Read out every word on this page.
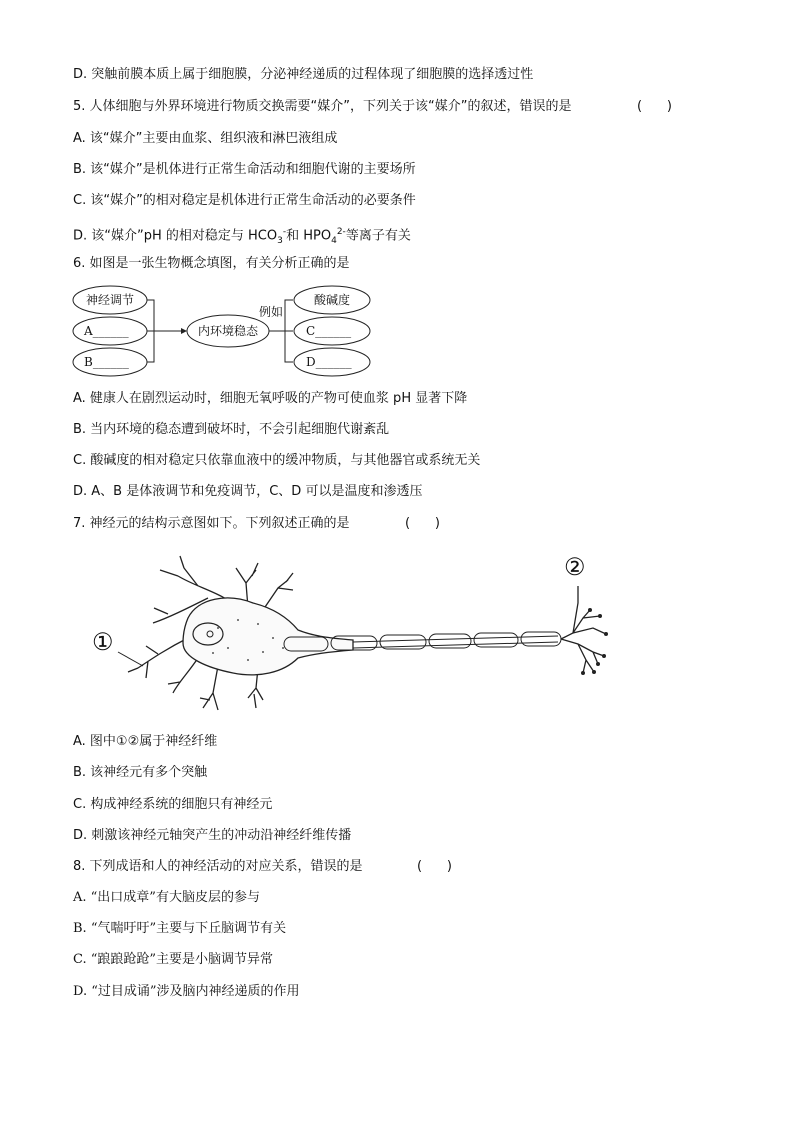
D. 突触前膜本质上属于细胞膜，分泌神经递质的过程体现了细胞膜的选择透过性
5. 人体细胞与外界环境进行物质交换需要“媒介”，下列关于该“媒介”的叙述，错误的是	(      )
A. 该“媒介”主要由血浆、组织液和淋巴液组成
B. 该“媒介”是机体进行正常生命活动和细胞代谢的主要场所
C. 该“媒介”的相对稳定是机体进行正常生命活动的必要条件
D. 该“媒介”pH 的相对稳定与 $HCO_3^-$和 $HPO_4^{2-}$等离子有关
6. 如图是一张生物概念填图，有关分析正确的是
神经调节
A______
B______
内环境稳态
例如
酸碱度
C______
D______
A. 健康人在剧烈运动时，细胞无氧呼吸的产物可使血浆 pH 显著下降
B. 当内环境的稳态遭到破坏时，不会引起细胞代谢紊乱
C. 酸碱度的相对稳定只依靠血液中的缓冲物质，与其他器官或系统无关
D. A、B 是体液调节和免疫调节，C、D 可以是温度和渗透压
7. 神经元的结构示意图如下。下列叙述正确的是	(      )
①
②
A. 图中①②属于神经纤维
B. 该神经元有多个突触
C. 构成神经系统的细胞只有神经元
D. 刺激该神经元轴突产生的冲动沿神经纤维传播
8. 下列成语和人的神经活动的对应关系，错误的是	(      )
A. “出口成章”有大脑皮层的参与
B. “气喘吁吁”主要与下丘脑调节有关
C. “踉踉跄跄”主要是小脑调节异常
D. “过目成诵”涉及脑内神经递质的作用
